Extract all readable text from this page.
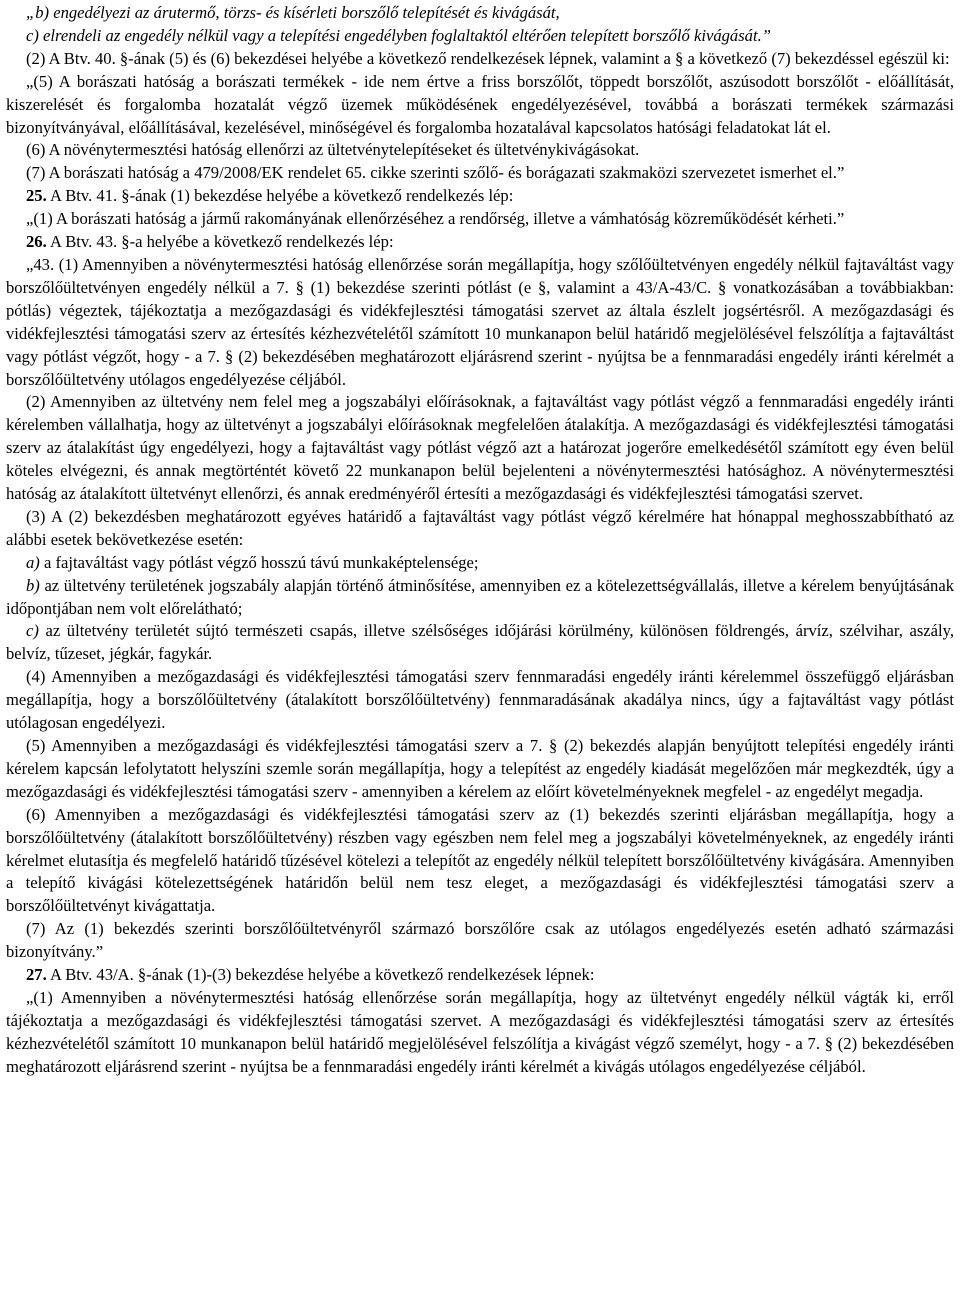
„b) engedélyezi az árutermő, törzs- és kísérleti borszőlő telepítését és kivágását,

c) elrendeli az engedély nélkül vagy a telepítési engedélyben foglaltaktól eltérően telepített borszőlő kivágását.”

(2) A Btv. 40. §-ának (5) és (6) bekezdései helyébe a következő rendelkezések lépnek, valamint a § a következő (7) bekezdéssel egészül ki:

„(5) A borászati hatóság a borászati termékek - ide nem értve a friss borszőlőt, töppedt borszőlőt, aszúsodott borszőlőt - előállítását, kiszerelését és forgalomba hozatalát végző üzemek működésének engedélyezésével, továbbá a borászati termékek származási bizonyítványával, előállításával, kezelésével, minőségével és forgalomba hozatalával kapcsolatos hatósági feladatokat lát el.

(6) A növénytermesztési hatóság ellenőrzi az ültetvénytelepítéseket és ültetvénykivágásokat.

(7) A borászati hatóság a 479/2008/EK rendelet 65. cikke szerinti szőlő- és borágazati szakmaközi szervezetet ismerhet el.”

25. A Btv. 41. §-ának (1) bekezdése helyébe a következő rendelkezés lép:

„(1) A borászati hatóság a jármű rakományának ellenőrzéséhez a rendőrség, illetve a vámhatóság közreműködését kérheti.”

26. A Btv. 43. §-a helyébe a következő rendelkezés lép:

„43. (1) Amennyiben a növénytermesztési hatóság ellenőrzése során megállapítja, hogy szőlőültetvényen engedély nélkül fajtaváltást vagy borszőlőültetvényen engedély nélkül a 7. § (1) bekezdése szerinti pótlást (e §, valamint a 43/A-43/C. § vonatkozásában a továbbiakban: pótlás) végeztek, tájékoztatja a mezőgazdasági és vidékfejlesztési támogatási szervet az általa észlelt jogsértésről. A mezőgazdasági és vidékfejlesztési támogatási szerv az értesítés kézhezvételétől számított 10 munkanapon belül határidő megjelölésével felszólítja a fajtaváltást vagy pótlást végzőt, hogy - a 7. § (2) bekezdésében meghatározott eljárásrend szerint - nyújtsa be a fennmaradási engedély iránti kérelmét a borszőlőültetvény utólagos engedélyezése céljából.

(2) Amennyiben az ültetvény nem felel meg a jogszabályi előírásoknak, a fajtaváltást vagy pótlást végző a fennmaradási engedély iránti kérelemben vállalhatja, hogy az ültetvényt a jogszabályi előírásoknak megfelelően átalakítja. A mezőgazdasági és vidékfejlesztési támogatási szerv az átalakítást úgy engedélyezi, hogy a fajtaváltást vagy pótlást végző azt a határozat jogerőre emelkedésétől számított egy éven belül köteles elvégezni, és annak megtörténtét követő 22 munkanapon belül bejelenteni a növénytermesztési hatósághoz. A növénytermesztési hatóság az átalakított ültetvényt ellenőrzi, és annak eredményéről értesíti a mezőgazdasági és vidékfejlesztési támogatási szervet.

(3) A (2) bekezdésben meghatározott egyéves határidő a fajtaváltást vagy pótlást végző kérelmére hat hónappal meghosszabbítható az alábbi esetek bekövetkezése esetén:

a) a fajtaváltást vagy pótlást végző hosszú távú munkaképtelensége;

b) az ültetvény területének jogszabály alapján történő átminősítése, amennyiben ez a kötelezettségvállalás, illetve a kérelem benyújtásának időpontjában nem volt előrelátható;

c) az ültetvény területét sújtó természeti csapás, illetve szélsőséges időjárási körülmény, különösen földrengés, árvíz, szélvihar, aszály, belvíz, tűzeset, jégkár, fagykár.

(4) Amennyiben a mezőgazdasági és vidékfejlesztési támogatási szerv fennmaradási engedély iránti kérelemmel összefüggő eljárásban megállapítja, hogy a borszőlőültetvény (átalakított borszőlőültetvény) fennmaradásának akadálya nincs, úgy a fajtaváltást vagy pótlást utólagosan engedélyezi.

(5) Amennyiben a mezőgazdasági és vidékfejlesztési támogatási szerv a 7. § (2) bekezdés alapján benyújtott telepítési engedély iránti kérelem kapcsán lefolytatott helyszíni szemle során megállapítja, hogy a telepítést az engedély kiadását megelőzően már megkezdték, úgy a mezőgazdasági és vidékfejlesztési támogatási szerv - amennyiben a kérelem az előírt követelményeknek megfelel - az engedélyt megadja.

(6) Amennyiben a mezőgazdasági és vidékfejlesztési támogatási szerv az (1) bekezdés szerinti eljárásban megállapítja, hogy a borszőlőültetvény (átalakított borszőlőültetvény) részben vagy egészben nem felel meg a jogszabályi követelményeknek, az engedély iránti kérelmet elutasítja és megfelelő határidő tűzésével kötelezi a telepítőt az engedély nélkül telepített borszőlőültetvény kivágására. Amennyiben a telepítő kivágási kötelezettségének határidőn belül nem tesz eleget, a mezőgazdasági és vidékfejlesztési támogatási szerv a borszőlőültetvényt kivágattatja.

(7) Az (1) bekezdés szerinti borszőlőültetvényről származó borszőlőre csak az utólagos engedélyezés esetén adható származási bizonyítvány.”

27. A Btv. 43/A. §-ának (1)-(3) bekezdése helyébe a következő rendelkezések lépnek:

„(1) Amennyiben a növénytermesztési hatóság ellenőrzése során megállapítja, hogy az ültetvényt engedély nélkül vágták ki, erről tájékoztatja a mezőgazdasági és vidékfejlesztési támogatási szervet. A mezőgazdasági és vidékfejlesztési támogatási szerv az értesítés kézhezvételétől számított 10 munkanapon belül határidő megjelölésével felszólítja a kivágást végző személyt, hogy - a 7. § (2) bekezdésében meghatározott eljárásrend szerint - nyújtsa be a fennmaradási engedély iránti kérelmét a kivágás utólagos engedélyezése céljából.
